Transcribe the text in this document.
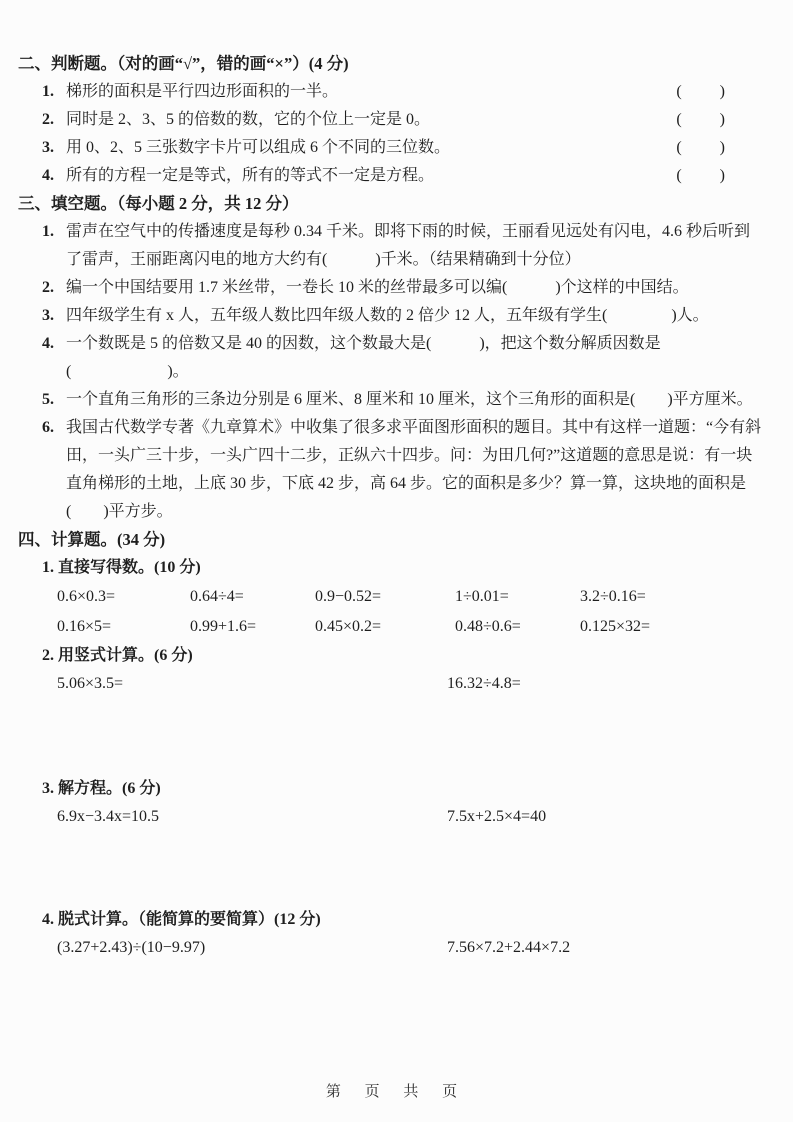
二、判断题。（对的画“√”，错的画“×”）(4 分)
1. 梯形的面积是平行四边形面积的一半。	(　　)
2. 同时是 2、3、5 的倍数的数，它的个位上一定是 0。	(　　)
3. 用 0、2、5 三张数字卡片可以组成 6 个不同的三位数。	(　　)
4. 所有的方程一定是等式，所有的等式不一定是方程。	(　　)
三、填空题。（每小题 2 分，共 12 分）
1. 雷声在空气中的传播速度是每秒 0.34 千米。即将下雨的时候，王丽看见远处有闪电，4.6 秒后听到了雷声，王丽距离闪电的地方大约有(　　　)千米。（结果精确到十分位）
2. 编一个中国结要用 1.7 米丝带，一卷长 10 米的丝带最多可以编(　　　)个这样的中国结。
3. 四年级学生有 x 人，五年级人数比四年级人数的 2 倍少 12 人，五年级有学生(　　　　)人。
4. 一个数既是 5 的倍数又是 40 的因数，这个数最大是(　　　)，把这个数分解质因数是(　　　　　　)。
5. 一个直角三角形的三条边分别是 6 厘米、8 厘米和 10 厘米，这个三角形的面积是(　　)平方厘米。
6. 我国古代数学专著《九章算术》中收集了很多求平面图形面积的题目。其中有这样一道题：“今有斜田，一头广三十步，一头广四十二步，正纵六十四步。问：为田几何?”这道题的意思是说：有一块直角梯形的土地，上底 30 步，下底 42 步，高 64 步。它的面积是多少？算一算，这块地的面积是(　　)平方步。
四、计算题。(34 分)
1. 直接写得数。(10 分)
0.6×0.3=	0.64÷4=	0.9−0.52=	1÷0.01=	3.2÷0.16=
0.16×5=	0.99+1.6=	0.45×0.2=	0.48÷0.6=	0.125×32=
2. 用竖式计算。(6 分)
5.06×3.5=	16.32÷4.8=
3. 解方程。(6 分)
6.9x−3.4x=10.5	7.5x+2.5×4=40
4. 脱式计算。（能简算的要简算）(12 分)
(3.27+2.43)÷(10−9.97)	7.56×7.2+2.44×7.2
第 页 共 页
